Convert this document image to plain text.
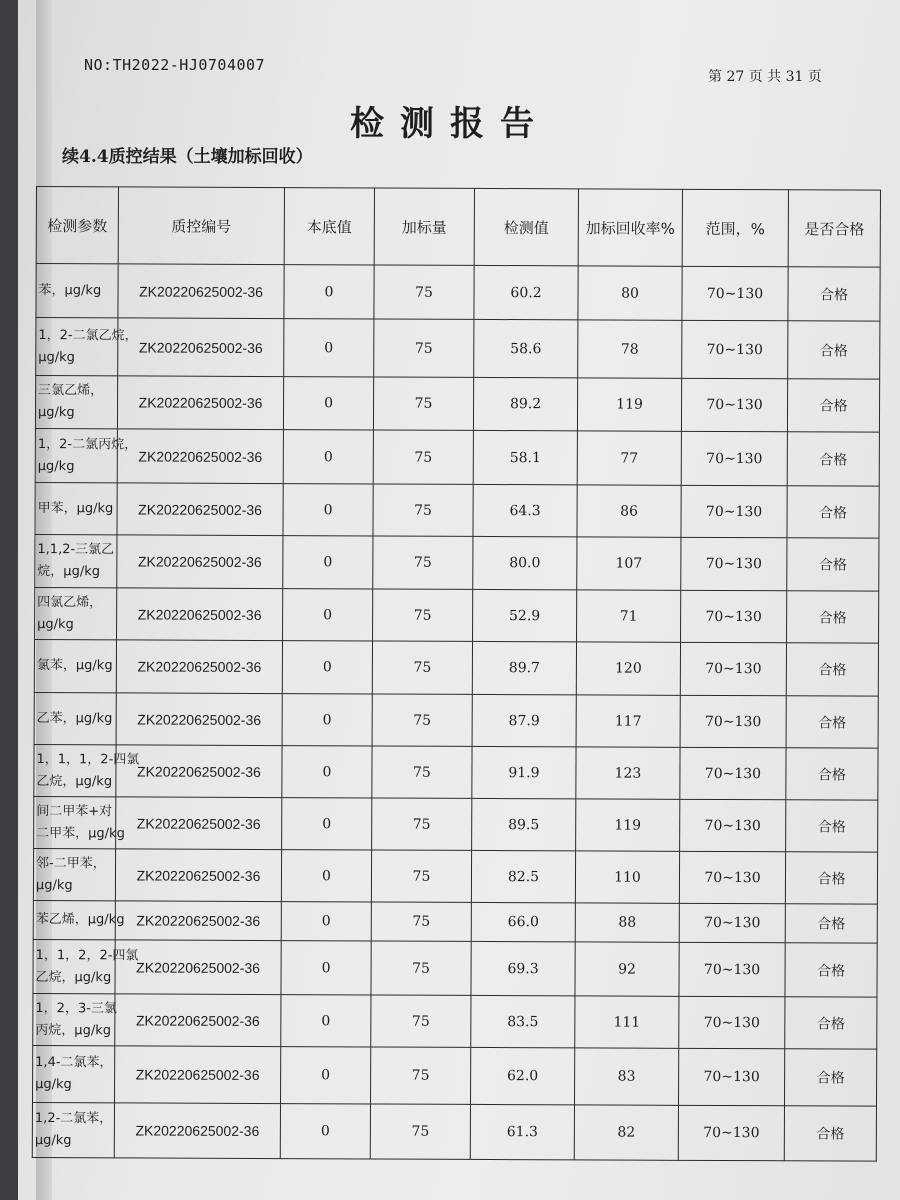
NO:TH2022-HJ0704007
第 27 页 共 31 页
检测报告
续4.4质控结果（土壤加标回收）
检测参数	质控编号	本底值	加标量	检测值	加标回收率%	范围，%	是否合格

苯，μg/kg	ZK20220625002-36	0	75	60.2	80	70~130	合格

1，2-二氯乙烷，
μg/kg	ZK20220625002-36	0	75	58.6	78	70~130	合格

三氯乙烯，
μg/kg	ZK20220625002-36	0	75	89.2	119	70~130	合格

1，2-二氯丙烷，
μg/kg	ZK20220625002-36	0	75	58.1	77	70~130	合格

甲苯，μg/kg	ZK20220625002-36	0	75	64.3	86	70~130	合格

1,1,2-三氯乙
烷，μg/kg	ZK20220625002-36	0	75	80.0	107	70~130	合格

四氯乙烯，
μg/kg	ZK20220625002-36	0	75	52.9	71	70~130	合格

氯苯，μg/kg	ZK20220625002-36	0	75	89.7	120	70~130	合格

乙苯，μg/kg	ZK20220625002-36	0	75	87.9	117	70~130	合格

1，1，1，2-四氯
乙烷，μg/kg	ZK20220625002-36	0	75	91.9	123	70~130	合格

间二甲苯+对
二甲苯，μg/kg	ZK20220625002-36	0	75	89.5	119	70~130	合格

邻-二甲苯，
μg/kg	ZK20220625002-36	0	75	82.5	110	70~130	合格

苯乙烯，μg/kg	ZK20220625002-36	0	75	66.0	88	70~130	合格

1，1，2，2-四氯
乙烷，μg/kg	ZK20220625002-36	0	75	69.3	92	70~130	合格

1，2，3-三氯
丙烷，μg/kg	ZK20220625002-36	0	75	83.5	111	70~130	合格

1,4-二氯苯，
μg/kg	ZK20220625002-36	0	75	62.0	83	70~130	合格

1,2-二氯苯，
μg/kg	ZK20220625002-36	0	75	61.3	82	70~130	合格
